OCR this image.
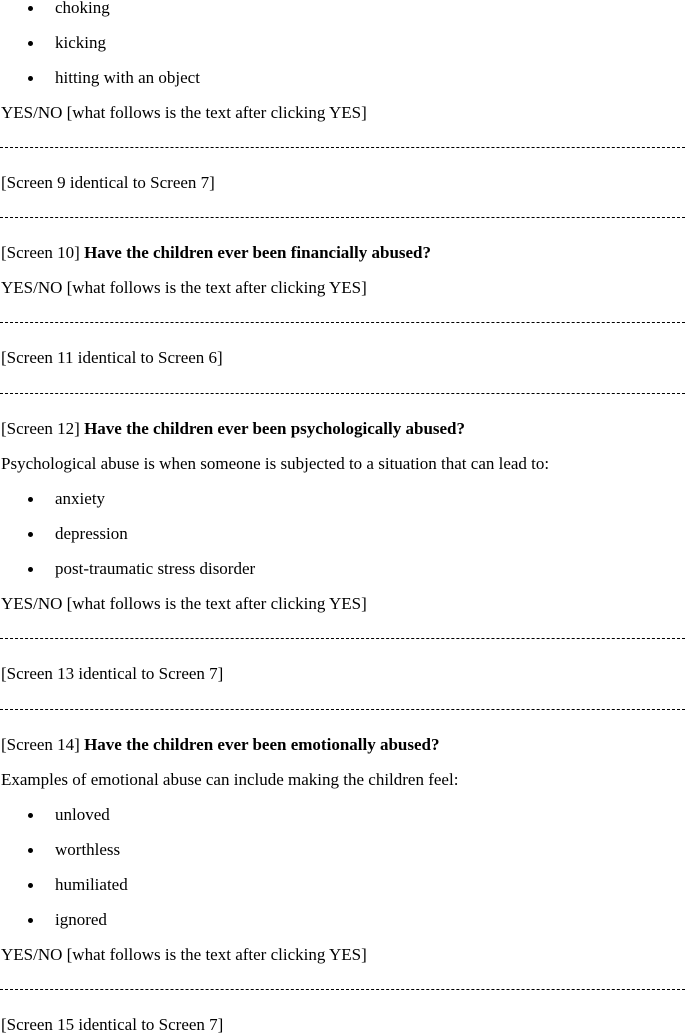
choking
kicking
hitting with an object
YES/NO [what follows is the text after clicking YES]
[Screen 9 identical to Screen 7]
[Screen 10] Have the children ever been financially abused?
YES/NO [what follows is the text after clicking YES]
[Screen 11 identical to Screen 6]
[Screen 12] Have the children ever been psychologically abused?
Psychological abuse is when someone is subjected to a situation that can lead to:
anxiety
depression
post-traumatic stress disorder
YES/NO [what follows is the text after clicking YES]
[Screen 13 identical to Screen 7]
[Screen 14] Have the children ever been emotionally abused?
Examples of emotional abuse can include making the children feel:
unloved
worthless
humiliated
ignored
YES/NO [what follows is the text after clicking YES]
[Screen 15 identical to Screen 7]
